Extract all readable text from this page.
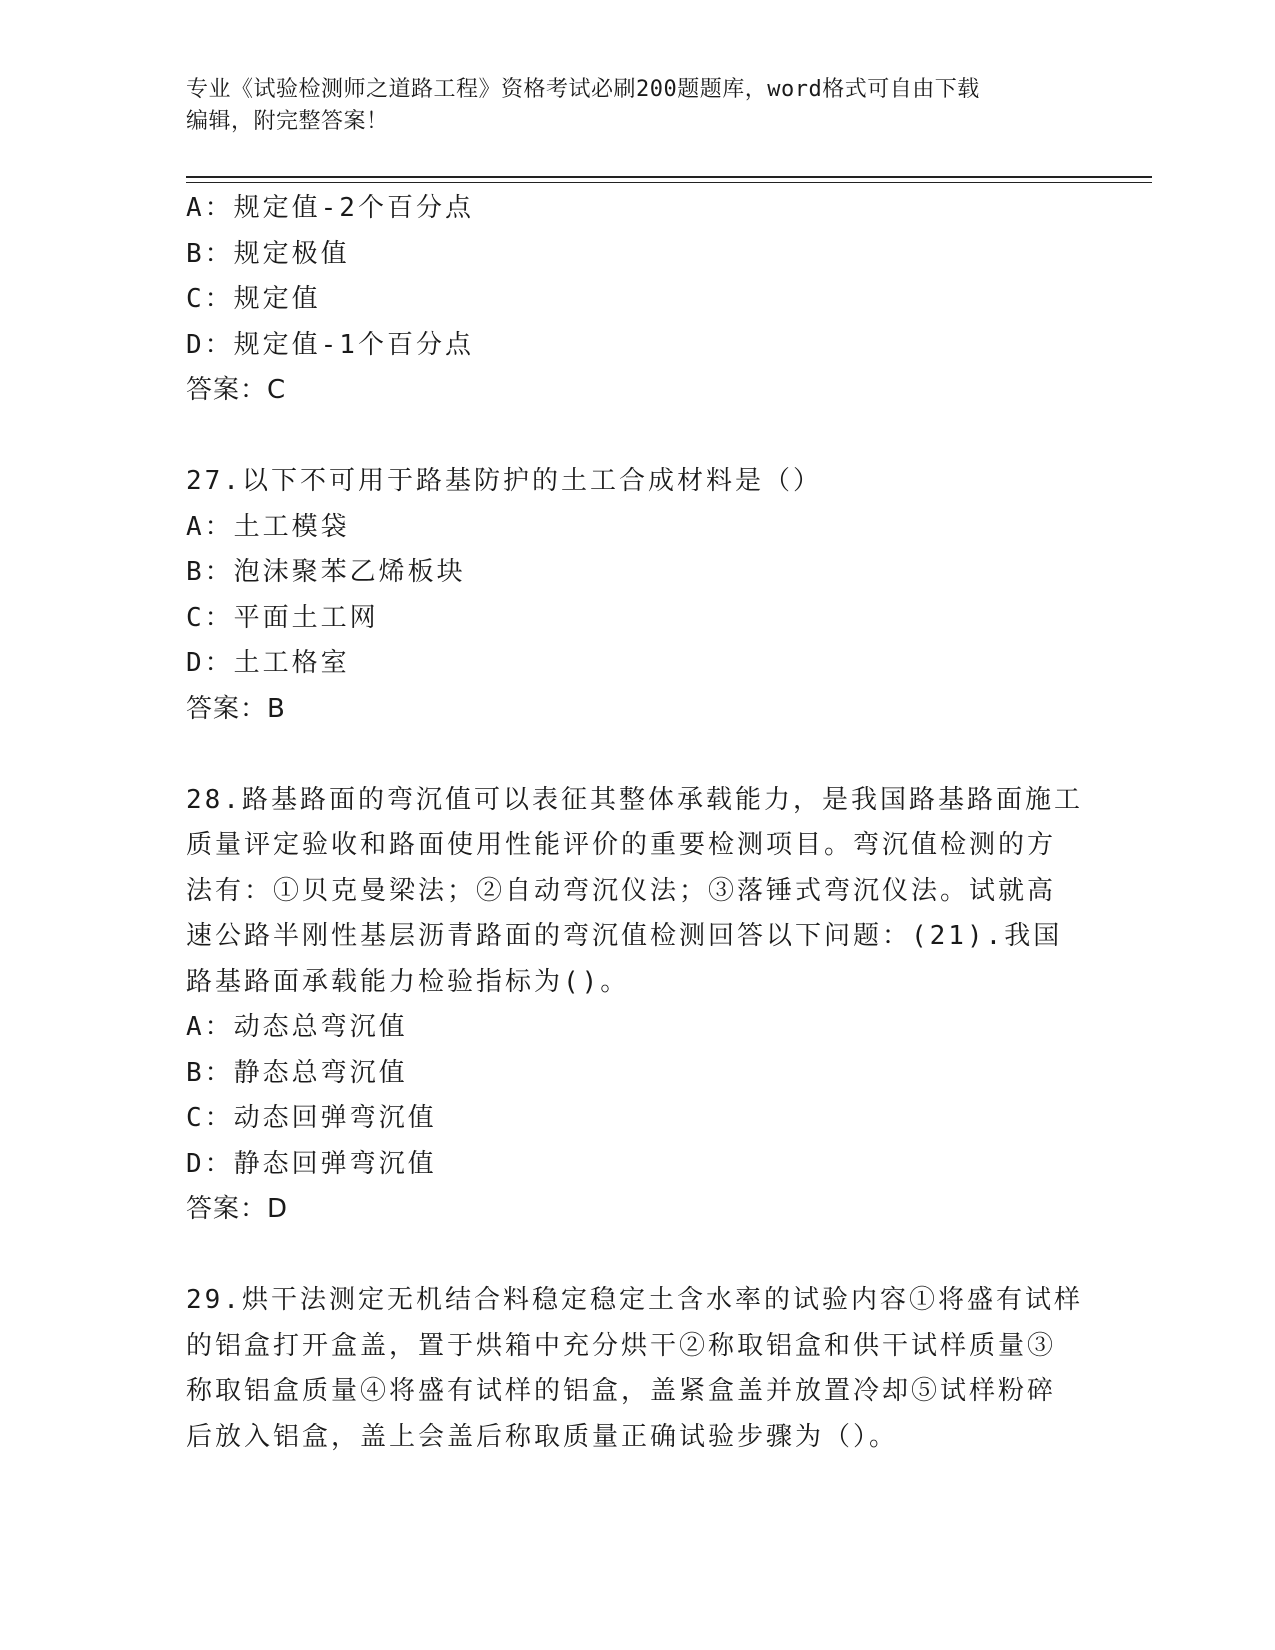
专业《试验检测师之道路工程》资格考试必刷200题题库，word格式可自由下载
编辑，附完整答案！
A：规定值-2个百分点
B：规定极值
C：规定值
D：规定值-1个百分点
答案：C
27.以下不可用于路基防护的土工合成材料是（）
A：土工模袋
B：泡沫聚苯乙烯板块
C：平面土工网
D：土工格室
答案：B
28.路基路面的弯沉值可以表征其整体承载能力，是我国路基路面施工
质量评定验收和路面使用性能评价的重要检测项目。弯沉值检测的方
法有：①贝克曼梁法；②自动弯沉仪法；③落锤式弯沉仪法。试就高
速公路半刚性基层沥青路面的弯沉值检测回答以下问题：(21).我国
路基路面承载能力检验指标为()。
A：动态总弯沉值
B：静态总弯沉值
C：动态回弹弯沉值
D：静态回弹弯沉值
答案：D
29.烘干法测定无机结合料稳定稳定土含水率的试验内容①将盛有试样
的铝盒打开盒盖，置于烘箱中充分烘干②称取铝盒和供干试样质量③
称取铝盒质量④将盛有试样的铝盒，盖紧盒盖并放置冷却⑤试样粉碎
后放入铝盒，盖上会盖后称取质量正确试验步骤为（）。
